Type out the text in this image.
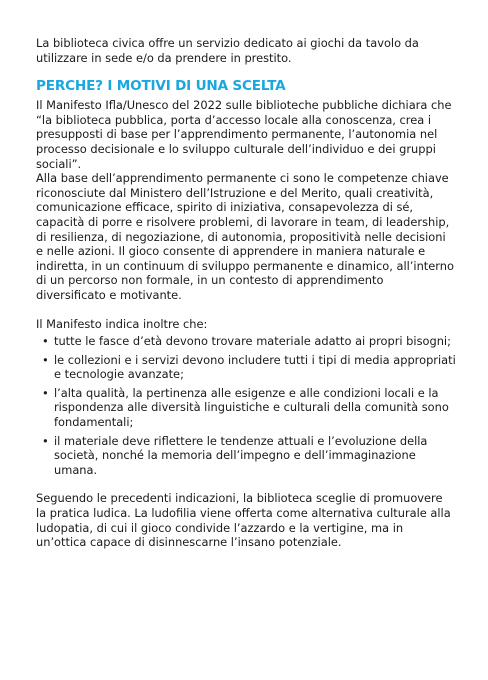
La biblioteca civica offre un servizio dedicato ai giochi da tavolo da utilizzare in sede e/o da prendere in prestito.

PERCHE? I MOTIVI DI UNA SCELTA

Il Manifesto Ifla/Unesco del 2022 sulle biblioteche pubbliche dichiara che “la biblioteca pubblica, porta d’accesso locale alla conoscenza, crea i presupposti di base per l’apprendimento permanente, l’autonomia nel processo decisionale e lo sviluppo culturale dell’individuo e dei gruppi sociali”.

Alla base dell’apprendimento permanente ci sono le competenze chiave riconosciute dal Ministero dell’Istruzione e del Merito, quali creatività, comunicazione efficace, spirito di iniziativa, consapevolezza di sé, capacità di porre e risolvere problemi, di lavorare in team, di leadership, di resilienza, di negoziazione, di autonomia, propositività nelle decisioni e nelle azioni. Il gioco consente di apprendere in maniera naturale e indiretta, in un continuum di sviluppo permanente e dinamico, all’interno di un percorso non formale, in un contesto di apprendimento diversificato e motivante.

Il Manifesto indica inoltre che:

• tutte le fasce d’età devono trovare materiale adatto ai propri bisogni;
• le collezioni e i servizi devono includere tutti i tipi di media appropriati e tecnologie avanzate;
• l’alta qualità, la pertinenza alle esigenze e alle condizioni locali e la rispondenza alle diversità linguistiche e culturali della comunità sono fondamentali;
• il materiale deve riflettere le tendenze attuali e l’evoluzione della società, nonché la memoria dell’impegno e dell’immaginazione umana.

Seguendo le precedenti indicazioni, la biblioteca sceglie di promuovere la pratica ludica. La ludofilia viene offerta come alternativa culturale alla ludopatia, di cui il gioco condivide l’azzardo e la vertigine, ma in un’ottica capace di disinnescarne l’insano potenziale.
